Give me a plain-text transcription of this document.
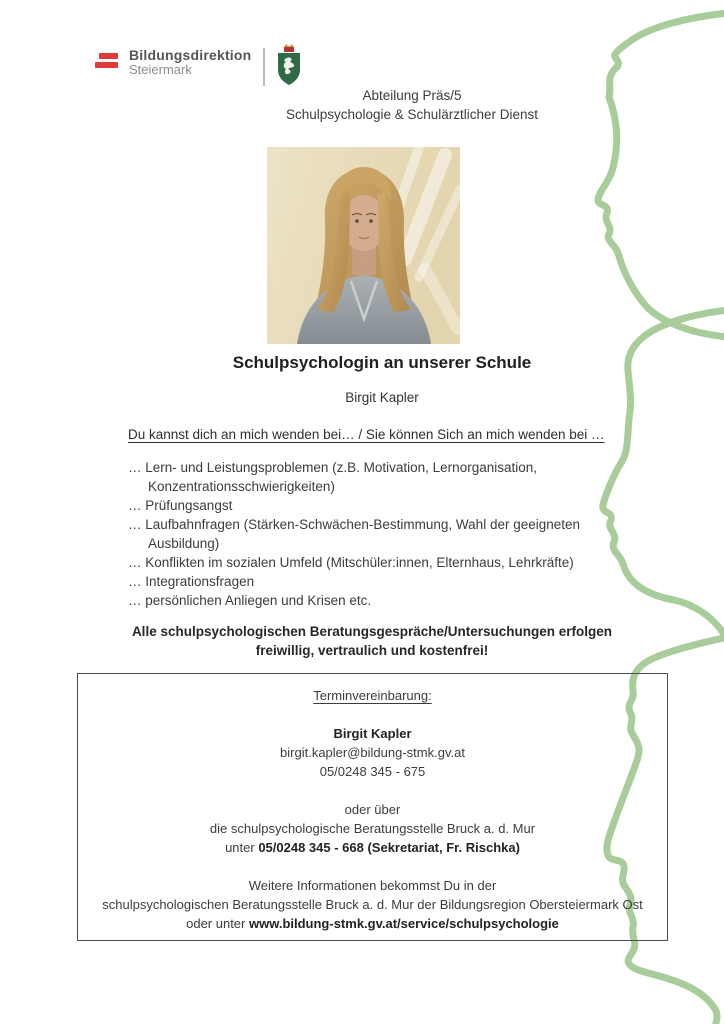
Bildungsdirektion
Steiermark
Abteilung Präs/5
Schulpsychologie & Schulärztlicher Dienst
Schulpsychologin an unserer Schule
Birgit Kapler
Du kannst dich an mich wenden bei… / Sie können Sich an mich wenden bei …
… Lern- und Leistungsproblemen (z.B. Motivation, Lernorganisation, Konzentrationsschwierigkeiten)
… Prüfungsangst
… Laufbahnfragen (Stärken-Schwächen-Bestimmung, Wahl der geeigneten Ausbildung)
… Konflikten im sozialen Umfeld (Mitschüler:innen, Elternhaus, Lehrkräfte)
… Integrationsfragen
… persönlichen Anliegen und Krisen etc.
Alle schulpsychologischen Beratungsgespräche/Untersuchungen erfolgen
freiwillig, vertraulich und kostenfrei!

Terminvereinbarung:

Birgit Kapler

birgit.kapler@bildung-stmk.gv.at

05/0248 345 - 675

oder über

die schulpsychologische Beratungsstelle Bruck a. d. Mur

unter 05/0248 345 - 668 (Sekretariat, Fr. Rischka)

Weitere Informationen bekommst Du in der

schulpsychologischen Beratungsstelle Bruck a. d. Mur der Bildungsregion Obersteiermark Ost

oder unter www.bildung-stmk.gv.at/service/schulpsychologie
